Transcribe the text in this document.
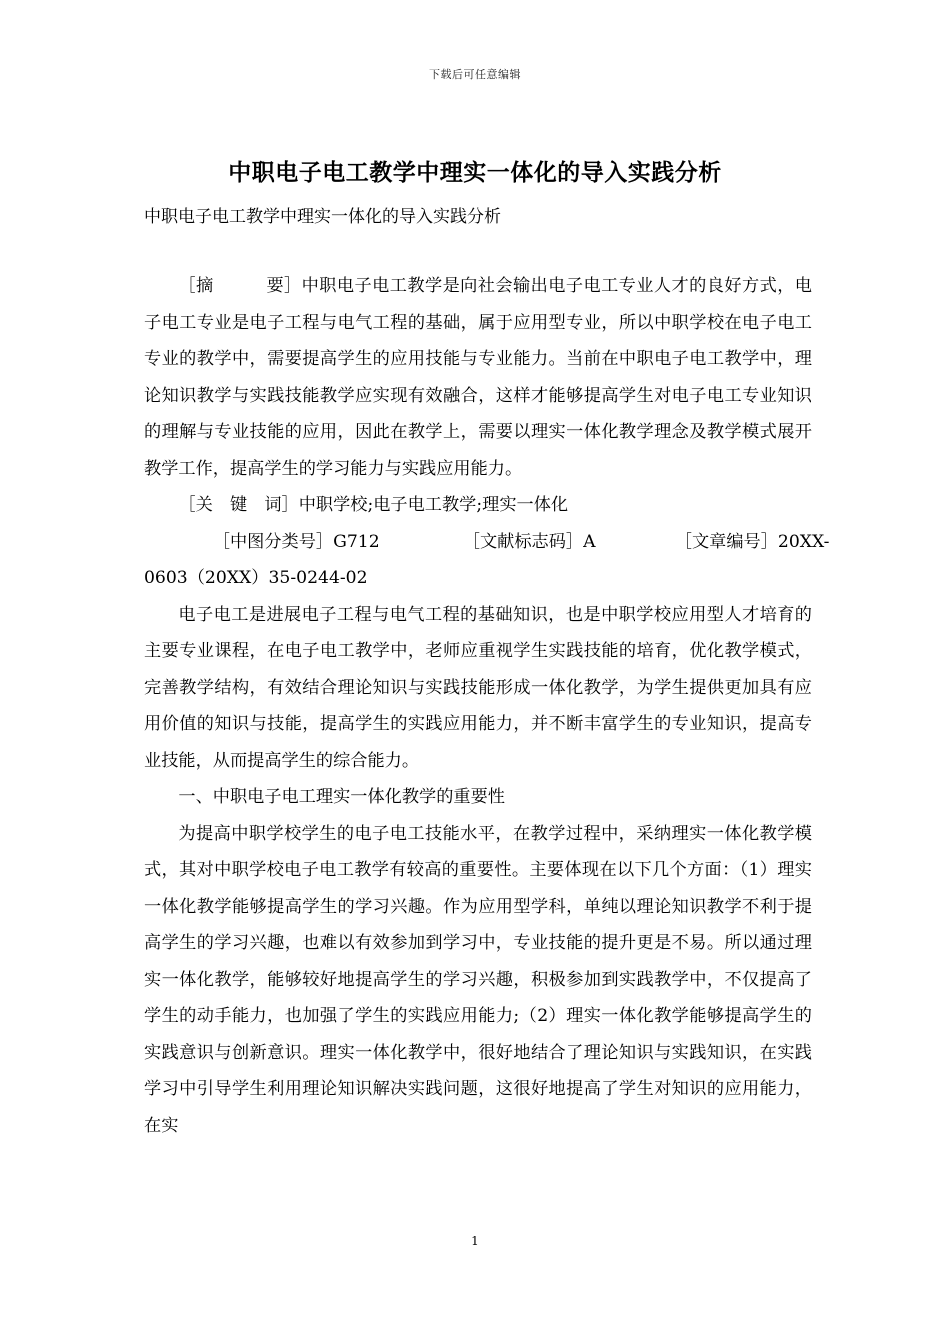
下载后可任意编辑
中职电子电工教学中理实一体化的导入实践分析
中职电子电工教学中理实一体化的导入实践分析

［摘　　　要］中职电子电工教学是向社会输出电子电工专业人才的良好方式，电子电工专业是电子工程与电气工程的基础，属于应用型专业，所以中职学校在电子电工专业的教学中，需要提高学生的应用技能与专业能力。当前在中职电子电工教学中，理论知识教学与实践技能教学应实现有效融合，这样才能够提高学生对电子电工专业知识的理解与专业技能的应用，因此在教学上，需要以理实一体化教学理念及教学模式展开教学工作，提高学生的学习能力与实践应用能力。

［关　键　词］中职学校;电子电工教学;理实一体化

［中图分类号］G712	［文献标志码］A	［文章编号］20XX-

0603（20XX）35-0244-02

电子电工是进展电子工程与电气工程的基础知识，也是中职学校应用型人才培育的主要专业课程，在电子电工教学中，老师应重视学生实践技能的培育，优化教学模式，完善教学结构，有效结合理论知识与实践技能形成一体化教学，为学生提供更加具有应用价值的知识与技能，提高学生的实践应用能力，并不断丰富学生的专业知识，提高专业技能，从而提高学生的综合能力。

一、中职电子电工理实一体化教学的重要性

为提高中职学校学生的电子电工技能水平，在教学过程中，采纳理实一体化教学模式，其对中职学校电子电工教学有较高的重要性。主要体现在以下几个方面：（1）理实一体化教学能够提高学生的学习兴趣。作为应用型学科，单纯以理论知识教学不利于提高学生的学习兴趣，也难以有效参加到学习中，专业技能的提升更是不易。所以通过理实一体化教学，能够较好地提高学生的学习兴趣，积极参加到实践教学中，不仅提高了学生的动手能力，也加强了学生的实践应用能力;（2）理实一体化教学能够提高学生的实践意识与创新意识。理实一体化教学中，很好地结合了理论知识与实践知识，在实践学习中引导学生利用理论知识解决实践问题，这很好地提高了学生对知识的应用能力，在实

1
